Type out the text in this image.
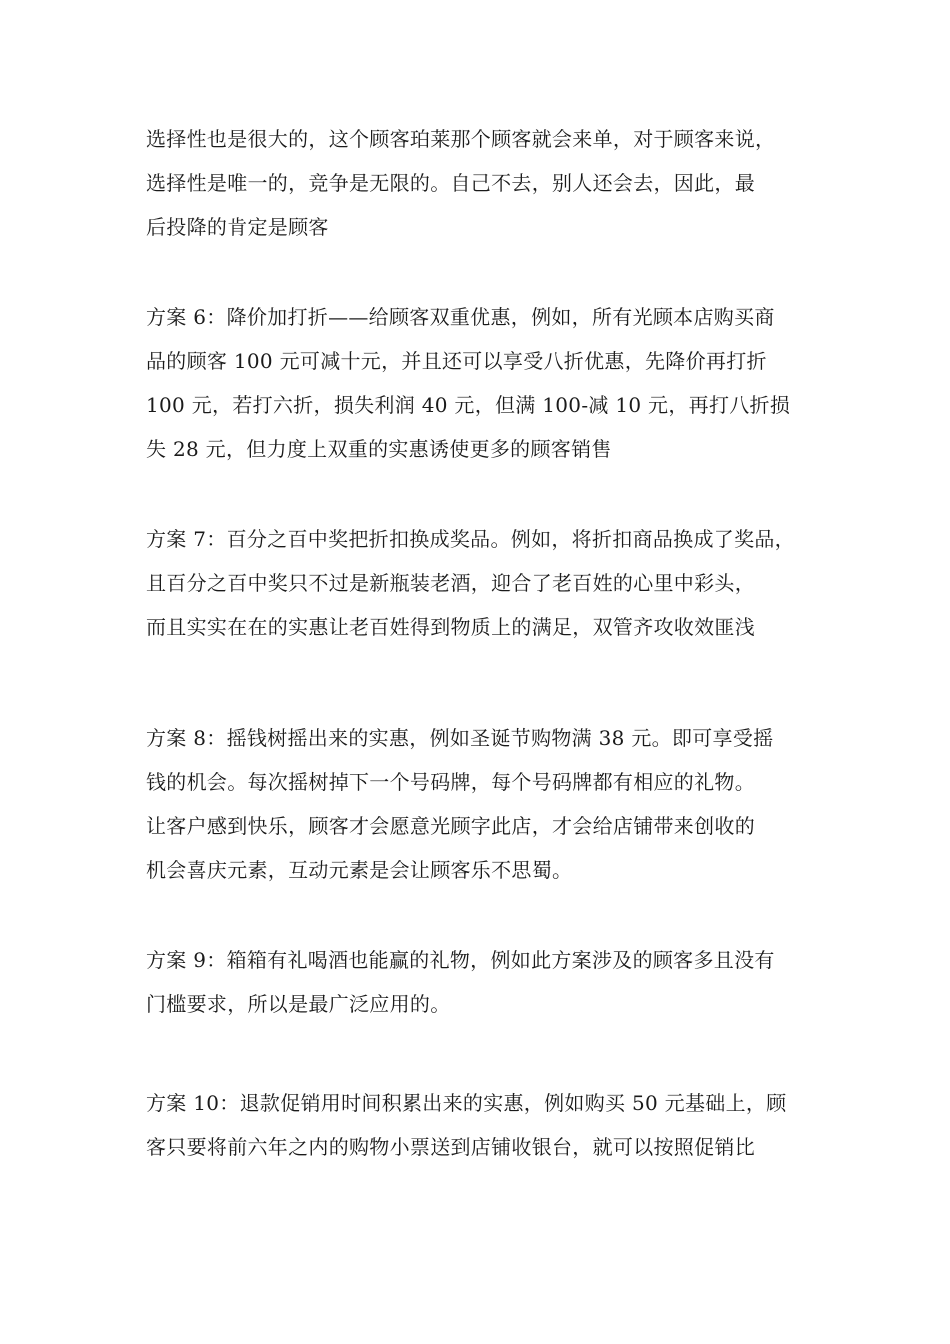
选择性也是很大的，这个顾客珀莱那个顾客就会来单，对于顾客来说，
选择性是唯一的，竞争是无限的。自己不去，别人还会去，因此，最
后投降的肯定是顾客
方案 6：降价加打折——给顾客双重优惠，例如，所有光顾本店购买商
品的顾客 100 元可减十元，并且还可以享受八折优惠，先降价再打折
100 元，若打六折，损失利润 40 元，但满 100-减 10 元，再打八折损
失 28 元，但力度上双重的实惠诱使更多的顾客销售
方案 7：百分之百中奖把折扣换成奖品。例如，将折扣商品换成了奖品，
且百分之百中奖只不过是新瓶装老酒，迎合了老百姓的心里中彩头，
而且实实在在的实惠让老百姓得到物质上的满足，双管齐攻收效匪浅
方案 8：摇钱树摇出来的实惠，例如圣诞节购物满 38 元。即可享受摇
钱的机会。每次摇树掉下一个号码牌，每个号码牌都有相应的礼物。
让客户感到快乐，顾客才会愿意光顾字此店，才会给店铺带来创收的
机会喜庆元素，互动元素是会让顾客乐不思蜀。
方案 9：箱箱有礼喝酒也能赢的礼物，例如此方案涉及的顾客多且没有
门槛要求，所以是最广泛应用的。
方案 10：退款促销用时间积累出来的实惠，例如购买 50 元基础上，顾
客只要将前六年之内的购物小票送到店铺收银台，就可以按照促销比
